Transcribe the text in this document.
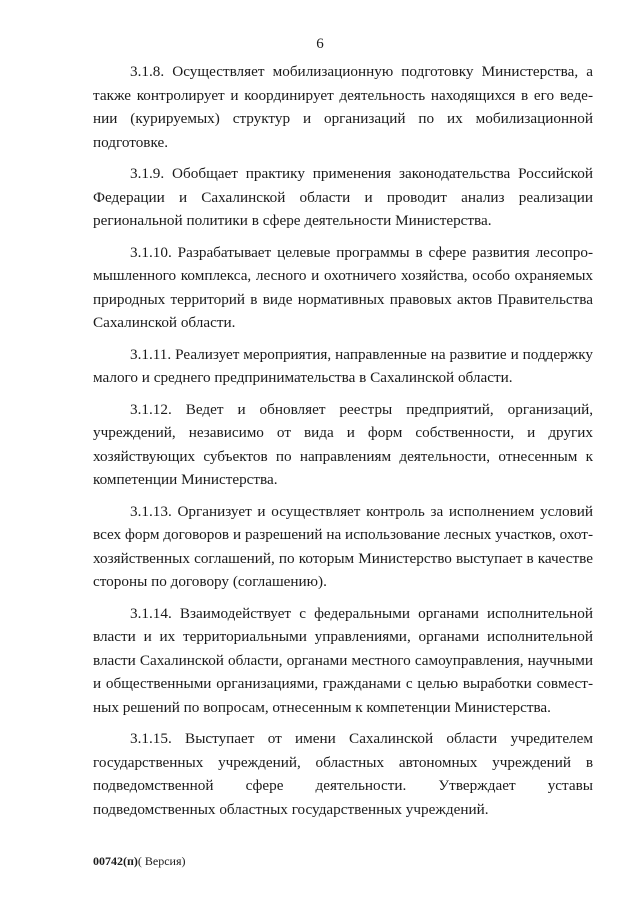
6

3.1.8. Осуществляет мобилизационную подготовку Министерства, а также контролирует и координирует деятельность находящихся в его ведении (курируемых) структур и организаций по их мобилизационной подготовке.

3.1.9. Обобщает практику применения законодательства Российской Федерации и Сахалинской области и проводит анализ реализации региональной политики в сфере деятельности Министерства.

3.1.10. Разрабатывает целевые программы в сфере развития лесопромышленного комплекса, лесного и охотничего хозяйства, особо охраняемых природных территорий в виде нормативных правовых актов Правительства Сахалинской области.

3.1.11. Реализует мероприятия, направленные на развитие и поддержку малого и среднего предпринимательства в Сахалинской области.

3.1.12. Ведет и обновляет реестры предприятий, организаций, учреждений, независимо от вида и форм собственности, и других хозяйствующих субъектов по направлениям деятельности, отнесенным к компетенции Министерства.

3.1.13. Организует и осуществляет контроль за исполнением условий всех форм договоров и разрешений на использование лесных участков, охотхозяйственных соглашений, по которым Министерство выступает в качестве стороны по договору (соглашению).

3.1.14. Взаимодействует с федеральными органами исполнительной власти и их территориальными управлениями, органами исполнительной власти Сахалинской области, органами местного самоуправления, научными и общественными организациями, гражданами с целью выработки совместных решений по вопросам, отнесенным к компетенции Министерства.

3.1.15. Выступает от имени Сахалинской области учредителем государственных учреждений, областных автономных учреждений в подведомственной сфере деятельности. Утверждает уставы подведомственных областных государственных учреждений.

00742(п)( Версия)
